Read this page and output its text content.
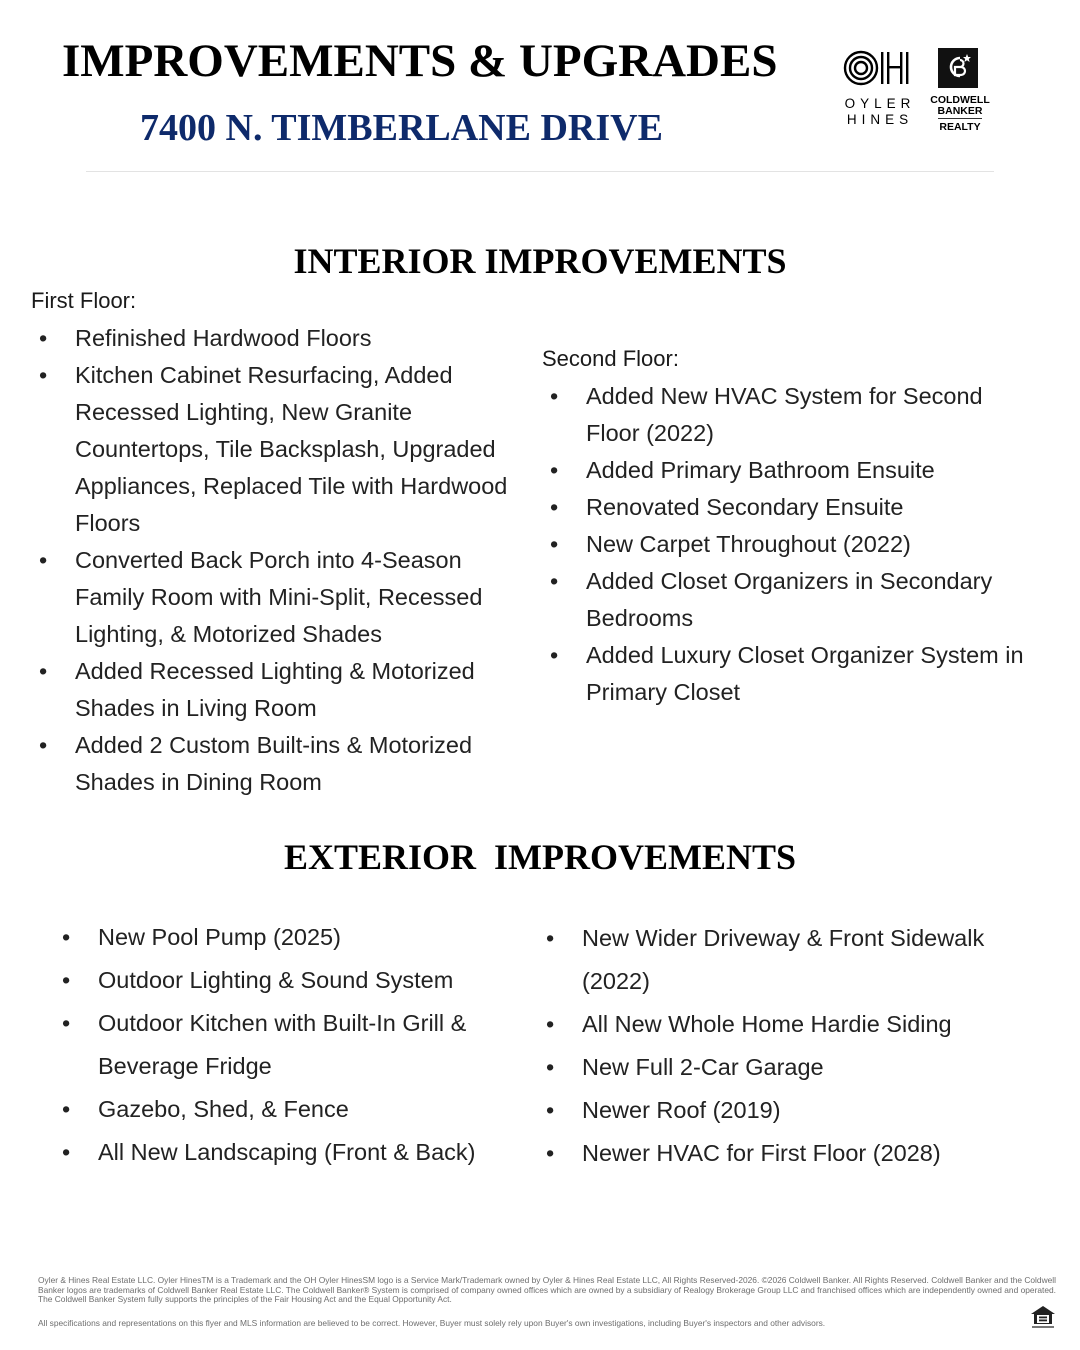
IMPROVEMENTS & UPGRADES
7400 N. TIMBERLANE DRIVE
OYLER
HINES
COLDWELL
BANKER
REALTY
INTERIOR IMPROVEMENTS
First Floor:
• Refinished Hardwood Floors
• Kitchen Cabinet Resurfacing, Added Recessed Lighting, New Granite Countertops, Tile Backsplash, Upgraded Appliances, Replaced Tile with Hardwood Floors
• Converted Back Porch into 4-Season Family Room with Mini-Split, Recessed Lighting, & Motorized Shades
• Added Recessed Lighting & Motorized Shades in Living Room
• Added 2 Custom Built-ins & Motorized Shades in Dining Room
Second Floor:
• Added New HVAC System for Second Floor (2022)
• Added Primary Bathroom Ensuite
• Renovated Secondary Ensuite
• New Carpet Throughout (2022)
• Added Closet Organizers in Secondary Bedrooms
• Added Luxury Closet Organizer System in Primary Closet
EXTERIOR  IMPROVEMENTS
• New Pool Pump (2025)
• Outdoor Lighting & Sound System
• Outdoor Kitchen with Built-In Grill & Beverage Fridge
• Gazebo, Shed, & Fence
• All New Landscaping (Front & Back)
• New Wider Driveway & Front Sidewalk (2022)
• All New Whole Home Hardie Siding
• New Full 2-Car Garage
• Newer Roof (2019)
• Newer HVAC for First Floor (2028)
Oyler & Hines Real Estate LLC. Oyler HinesTM is a Trademark and the OH Oyler HinesSM logo is a Service Mark/Trademark owned by Oyler & Hines Real Estate LLC, All Rights Reserved-2026. ©2026 Coldwell Banker. All Rights Reserved. Coldwell Banker and the Coldwell Banker logos are trademarks of Coldwell Banker Real Estate LLC. The Coldwell Banker® System is comprised of company owned offices which are owned by a subsidiary of Realogy Brokerage Group LLC and franchised offices which are independently owned and operated. The Coldwell Banker System fully supports the principles of the Fair Housing Act and the Equal Opportunity Act.
All specifications and representations on this flyer and MLS information are believed to be correct. However, Buyer must solely rely upon Buyer's own investigations, including Buyer's inspectors and other advisors.
